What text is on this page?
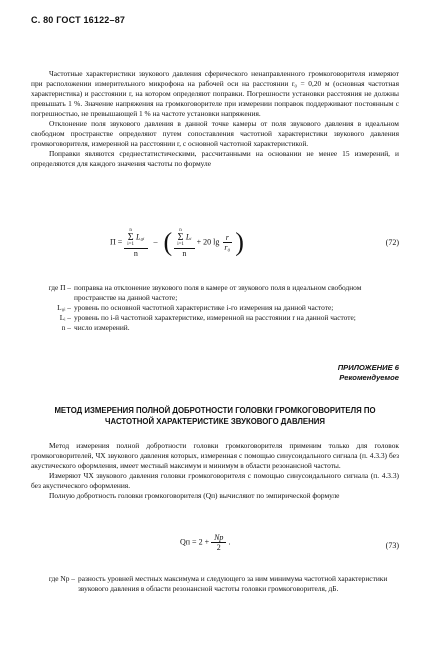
С. 80 ГОСТ 16122–87

Частотные характеристики звукового давления сферического ненаправленного громкоговорителя измеряют при расположении измерительного микрофона на рабочей оси на расстоянии r₀ = 0,20 м (основная частотная характеристика) и расстоянии r, на котором определяют поправки. Погрешности установки расстояния не должны превышать 1 %. Значение напряжения на громкоговорителе при измерении поправок поддерживают постоянным с погрешностью, не превышающей 1 % на частоте установки напряжения.

Отклонение поля звукового давления в данной точке камеры от поля звукового давления в идеальном свободном пространстве определяют путем сопоставления частотной характеристики звукового давления громкоговорителя, измеренной на расстоянии r, с основной частотной характеристикой.

Поправки являются среднестатистическими, рассчитанными на основании не менее 15 измерений, и определяются для каждого значения частоты по формуле

П = n
Σ
i=1
L₀ᵢ
n –   ( n
Σ
i=1
Lᵢ
n + 20 $\lg \frac{r}{\text{r₀}}$ )	(72)
где П – поправка на отклонение звукового поля в камере от звукового поля в идеальном свободном пространстве на данной частоте;
L₀ᵢ – уровень по основной частотной характеристике i-го измерения на данной частоте;
Lᵢ – уровень по i-й частотной характеристике, измеренной на расстоянии r на данной частоте;
n – число измерений.
ПРИЛОЖЕНИЕ 6
Рекомендуемое
МЕТОД ИЗМЕРЕНИЯ ПОЛНОЙ ДОБРОТНОСТИ ГОЛОВКИ ГРОМКОГОВОРИТЕЛЯ ПО ЧАСТОТНОЙ ХАРАКТЕРИСТИКЕ ЗВУКОВОГО ДАВЛЕНИЯ

Метод измерения полной добротности головки громкоговорителя применим только для головок громкоговорителей, ЧХ звукового давления которых, измеренная с помощью синусоидального сигнала (п. 4.3.3) без акустического оформления, имеет местный максимум и минимум в области резонансной частоты.

Измеряют ЧХ звукового давления головки громкоговорителя с помощью синусоидального сигнала (п. 4.3.3) без акустического оформления.

Полную добротность головки громкоговорителя (Qп) вычисляют по эмпирической формуле

Qп = $2 + \frac{Nр}{2}$ .	(73)
где Nр – разность уровней местных максимума и следующего за ним минимума частотной характеристики звукового давления в области резонансной частоты головки громкоговорителя, дБ.
